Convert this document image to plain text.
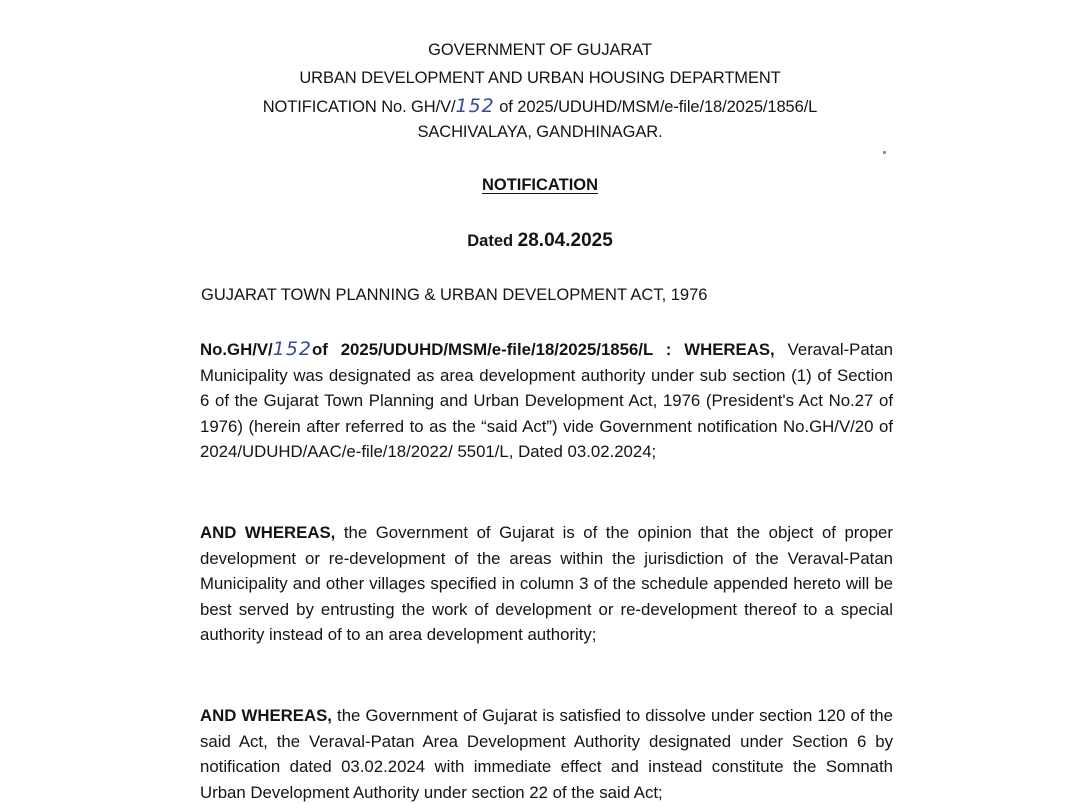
GOVERNMENT OF GUJARAT
URBAN DEVELOPMENT AND URBAN HOUSING DEPARTMENT
NOTIFICATION No. GH/V/152 of 2025/UDUHD/MSM/e-file/18/2025/1856/L
SACHIVALAYA, GANDHINAGAR.
NOTIFICATION
Dated 28.04.2025
GUJARAT TOWN PLANNING & URBAN DEVELOPMENT ACT, 1976
No.GH/V/152of 2025/UDUHD/MSM/e-file/18/2025/1856/L : WHEREAS, Veraval-Patan Municipality was designated as area development authority under sub section (1) of Section 6 of the Gujarat Town Planning and Urban Development Act, 1976 (President's Act No.27 of 1976) (herein after referred to as the “said Act”) vide Government notification No.GH/V/20 of 2024/UDUHD/AAC/e-file/18/2022/ 5501/L, Dated 03.02.2024;
AND WHEREAS, the Government of Gujarat is of the opinion that the object of proper development or re-development of the areas within the jurisdiction of the Veraval-Patan Municipality and other villages specified in column 3 of the schedule appended hereto will be best served by entrusting the work of development or re-development thereof to a special authority instead of to an area development authority;
AND WHEREAS, the Government of Gujarat is satisfied to dissolve under section 120 of the said Act, the Veraval-Patan Area Development Authority designated under Section 6 by notification dated 03.02.2024 with immediate effect and instead constitute the Somnath Urban Development Authority under section 22 of the said Act;
